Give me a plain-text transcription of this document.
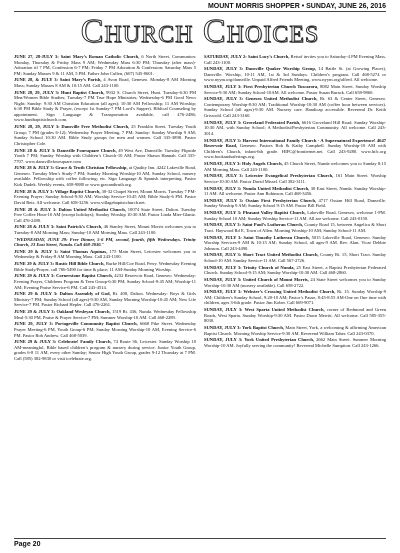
MOUNT MORRIS SHOPPER • SUNDAY, JUNE 26, 2016
Church Choices

JUNE 27, 28-JULY 3: Saint Mary’s Roman Catholic Church, 6 North Street, Communion: Monday, Thursday & Friday Mass 9 AM; Wednesday Mass 6:30 PM; Thursday (after mass)-Adoration til 7 PM, Confession 6-7 PM; Friday 7 PM Adoration & Confession; Saturday Mass 5 PM; Sunday Masses 9 & 11 AM, 5 PM. Father John Cullen, (607) 545-8601.

JUNE 28, & JULY 3: Saint Mary’s Parish, 4 Avon Road, Geneseo. Monday-8 AM Morning Mass; Sunday Masses 8 AM & 10:15 AM. Call 243-1100.

JUNE 28, 29, JULY 3: Hunt Baptist Church, 9932 S. Church Street, Hunt. Tuesday-6:30 PM Men/Women Bible Studies; Tuesday-7 PM True Hope Ministries; Wednesday-6 PM Good News Night; Sunday: 9:30 AM Christian Education (all ages); 10:30 AM Fellowship; 11 AM Worship; 6:30 PM Bible Study & Prayer, (except 1st Sunday-7 PM Lord’s Supper). Biblical Counseling by appointment. Sign Language & Transportation available, call 476-2486; www.huntbaptistchurch.com.

JUNE 28, 29, JULY 3: Dansville Free Methodist Church, 25 Franklin Street. Tuesday Youth Group; 7 PM (grades 6-12); Wednesday Prayer Meeting, 7 PM; Sunday: Sunday Worship 9 AM; Sunday School 10:30 AM. Bible Study groups for men and women. Call 335-3898. Pastor Christopher Cole.

JUNE 28 & JULY 3: Dansville Foursquare Church, 49 West Ave, Dansville. Tuesday Flipside Youth 7 PM; Sunday Worship with Children’s Church-10 AM; Pastor Shawn Hannah. Call 335-7707. www.dansvillefoursquare.com

JUNE 28 & JULY 3: Grace & Truth Christian Fellowship, at Quality Inn, 4242 Lakeville Road, Geneseo. Tuesday Men’s Study-7 PM; Sunday Morning Worship-10 AM, Sunday School, nursery available. Fellowship with coffee following; etc. Sign Language & Spanish interpreting. Pastor Kirk Dudek. Weekly events, 658-9880 or www.gracandtruth.org.

JUNE 28 & JULY 3: Village Baptist Church, 30-32 Chapel Street, Mount Morris. Tuesday 7 PM-Evening Prayer; Sunday School-9:30 AM; Worship Service-10:45 AM; Bible Study-6 PM. Pastor David Reis. All welcome. Call 658-3256. www.villagebaptistchurch.net.

JUNE 28 & JULY 3: Dalton United Methodist Church, 10074 State Street, Dalton. Tuesday Free Coffee Hour-10 AM (except holidays); Sunday Worship 10:30 AM. Pastor Linda Mier-Glantz. Call 476-2490.

JUNE 28 & JULY 3: Saint Patrick’s Church, 46 Stanley Street, Mount Morris welcomes you to Tuesday-8 AM Morning Mass; Sunday-10 AM Morning Mass. Call 243-1100.

"WEDNESDAY, JUNE 29: Free Dinner, 5-6 PM, second, fourth, fifth Wednesdays. Trinity Church, 23 East Street, Nunda. Call 468-2030."

JUNE 29 & JULY 3: Saint Thomas Aquinas, 175 Main Street, Leicester welcomes you to Wednesday & Friday-8 AM Morning Mass. Call 243-1100.

JUNE 29 & JULY 3: Rustic Hill Bible Church, Burke Hill/Coe Road, Perry. Wednesday Evening Bible Study/Prayer, call 786-5490 for time & place; 11 AM-Sunday Morning Worship.

JUNE 29 & JULY 3: Cornerstone Baptist Church, 4232 Reservoir Road, Geneseo. Wednesday: Evening Prayer, Childrens Program & Teen Group-6:30 PM; Sunday School-9:45 AM; Worship-11 AM; Evening Praise Service-6 PM. Call 243-4514.

JUNE 29 & JULY 3: Dalton Assembly of God, Rt. 408, Dalton. Wednesday: Boys & Girls Ministry-7 PM; Sunday School (all ages)-9:30 AM, Sunday Morning Worship-10:45 AM; New Life Service-7 PM. Pastor Richard Hepler. Call 476-2261.

JUNE 29 & JULY 3: Oakland Wesleyan Church, 1519 Rt. 436, Nunda. Wednesday Fellowship Meal-5:30 PM, Praise & Prayer Service-7 PM; Summer Worship-10 AM. Call 468-2289.

JUNE 29, JULY 3: Portageville Community Baptist Church, 6668 Pike Street. Wednesday Prayer Meeting-6 PM, Youth Group-6 PM; Sunday Morning Worship-10 AM, Evening Service-6 PM. Pastor Rob Andrew. Call 468-5039.

JUNE 29 & JULY 3: Celebrate! Family Church, 74 Route 36, Leicester. Sunday Worship 10 AM-meaningful, Bible based children’s program & nursery during service. Junior Youth Group, grades 6-8 11 AM, every other Sunday; Senior High Youth Group, grades 9-12 Thursday at 7 PM. Call (585) 382-9830 or visit icelebrate.org.

SATURDAY, JULY 2: Saint Lucy’s Church, Retsof invites you to Saturday-4 PM Evening Mass. Call 243-1100.

SUNDAY, JULY 3: Dansville Quaker Worship Group, 14 Battle St. (at Growing Places), Dansville. Worship, 10-11 AM, 1st & 3rd Sundays. Children’s program. Call 468-5274 or www.nyym.org/dansville. Unpaid Alfred Friends Meeting, www.nyym.org/alfred. All welcome.

SUNDAY, JULY 3: First Presbyterian Church Tuscarora, 8082 Main Street. Sunday Worship Service-9:30 AM; Sunday School-10AM. All welcome. Pastor Susan Burack. Call 658-9860.

SUNDAY, JULY 3: Geneseo United Methodist Church, Rt. 63 & Center Street, Geneseo. Contemporary Worship-8:30 AM; Traditional Worship-10:30 AM (coffee hour between services). Sunday School (all ages)-9:30 AM. Nursery care. Handicap accessible. Reverend Dr. Keith Griswold. Call 243-3160.

SUNDAY, JULY 3: Groveland Federated Parish, 6616 Groveland Hill Road. Sunday Worship-10:30 AM, with Sunday School; A Methodist/Presbyterian Community. All welcome. Call 243-3014.

SUNDAY, JULY 3: Harvest International Family Church - A Supernatural Experience! 4647 Reservoir Road, Geneseo. Pastors Bob & Kathy Campbell. Sunday Worship-10 AM with Children’s Church, infant-6th grade. HIFC@frontiernet.net. Call 243-9280. www.hifc.org www.bookandsaferings.org.

SUNDAY, JULY 3: Holy Angels Church, 45 Church Street, Nunda welcomes you to Sunday 8:15 AM Morning Mass. Call 243-1100.

SUNDAY, JULY 3: Leicester Evangelical Presbyterian Church, 161 Main Street. Worship Service-10:30 AM. Pastor David Missel. Call 382-3111.

SUNDAY, JULY 3: Nunda United Methodist Church, 30 East Street, Nunda. Sunday Worship-11 AM. All welcome. Pastor Ann Robinson. Call 468-3456.

SUNDAY, JULY 3: Ossian First Presbyterian Church, 4717 Ossian Hill Road, Dansville. Sunday Worship 9 AM; Sunday School 9:15 AM. Pastor Bill Field.

SUNDAY, JULY 3: Pleasant Valley Baptist Church, Lakeville Road, Geneseo, welcome 1-PM. Sunday School 10 AM; Sunday Worship Service-11 AM. All are welcome. Call 243-0150.

SUNDAY, JULY 3: Saint Paul’s Lutheran Church, County Road 15, between Angelica & Short Tract. Haywood Rd E, Town of Allen. Morning Worship-10 AM; Sunday School-11 AM.

SUNDAY, JULY 3: Saint Timothy Lutheran Church, 5015 Lakeville Road, Geneseo. Sunday Worship Services-9 AM & 10:15 AM; Sunday School, all ages-9 AM. Rev. Alan. Vicar Debbie Johnson. Call 243-4490.

SUNDAY, JULY 3: Short Tract United Methodist Church, County Rt. 15, Short Tract. Sunday School-10 AM. Sunday Service-11 AM. Call 567-2726.

SUNDAY, JULY 3: Trinity Church of Nunda, 25 East Street, a Baptist Presbyterian Federated Church. Sunday School-9:15 AM; Sunday Worship-10:30 AM. Call 468-2860.

SUNDAY, JULY 3: United Church of Mount Morris, 24 State Street welcomes you to Sunday Worship-10:30 AM (nursery available). Call 658-2722.

SUNDAY, JULY 3: Webster’s Crossing United Methodist Church, Rt. 15. Sunday Worship-9 AM; Children’s Sunday School, 9:20-10 AM; Pastor’s Pause, 8:45-8:55 AM-One on One time with children, ages 3-6th grade. Pastor Jim Kober. Call 669-9071.

SUNDAY, JULY 3: West Sparta United Methodist Church, corner of Redmond and Green Roads, West Sparta. Sunday Worship-9:30 AM. Pastor Dawn Merritt. All welcome. Call 585-355-8030.

SUNDAY, JULY 3: York Baptist Church, Main Street, York, a welcoming & affirming American Baptist Church. Morning Worship Service-9:30 AM. Reverend William Taber. Call 243-0370.

SUNDAY, JULY 3: York United Presbyterian Church, 2662 Main Street. Summer Morning Worship-10 AM. Joyfully serving the community! Reverend Michelle Sumption. Call 243-1266.

Page 20
